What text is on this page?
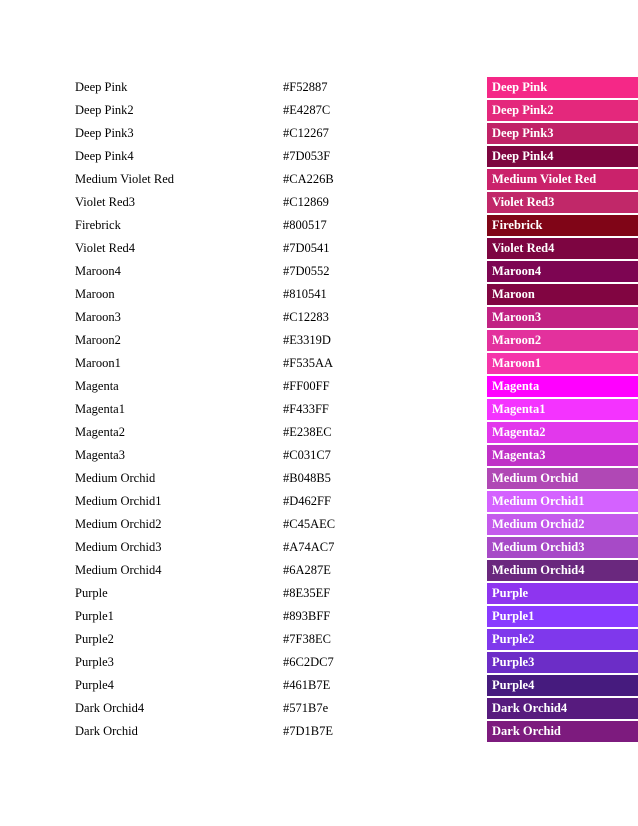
Deep Pink	#F52887	Deep Pink
Deep Pink2	#E4287C	Deep Pink2
Deep Pink3	#C12267	Deep Pink3
Deep Pink4	#7D053F	Deep Pink4
Medium Violet Red	#CA226B	Medium Violet Red
Violet Red3	#C12869	Violet Red3
Firebrick	#800517	Firebrick
Violet Red4	#7D0541	Violet Red4
Maroon4	#7D0552	Maroon4
Maroon	#810541	Maroon
Maroon3	#C12283	Maroon3
Maroon2	#E3319D	Maroon2
Maroon1	#F535AA	Maroon1
Magenta	#FF00FF	Magenta
Magenta1	#F433FF	Magenta1
Magenta2	#E238EC	Magenta2
Magenta3	#C031C7	Magenta3
Medium Orchid	#B048B5	Medium Orchid
Medium Orchid1	#D462FF	Medium Orchid1
Medium Orchid2	#C45AEC	Medium Orchid2
Medium Orchid3	#A74AC7	Medium Orchid3
Medium Orchid4	#6A287E	Medium Orchid4
Purple	#8E35EF	Purple
Purple1	#893BFF	Purple1
Purple2	#7F38EC	Purple2
Purple3	#6C2DC7	Purple3
Purple4	#461B7E	Purple4
Dark Orchid4	#571B7e	Dark Orchid4
Dark Orchid	#7D1B7E	Dark Orchid
